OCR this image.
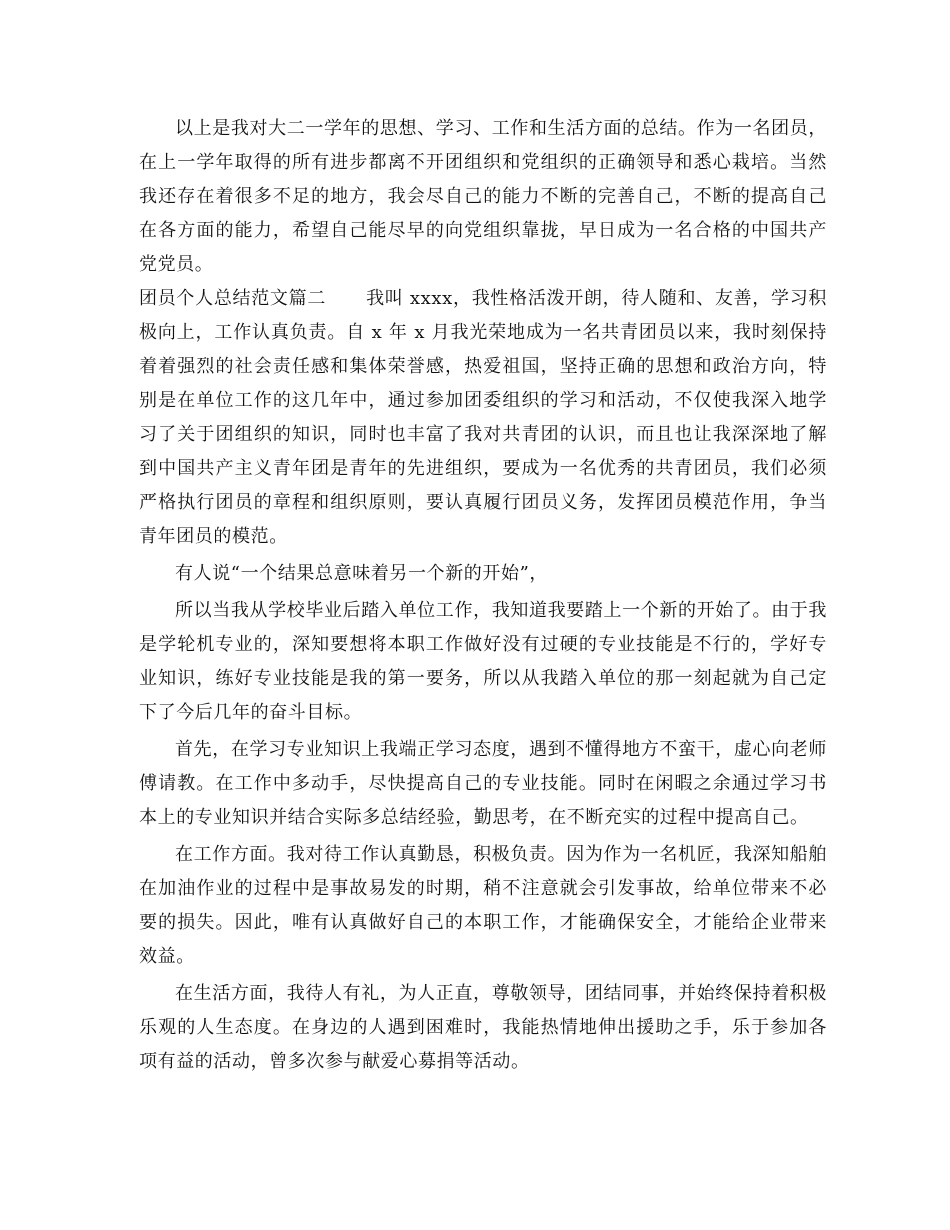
以上是我对大二一学年的思想、学习、工作和生活方面的总结。作为一名团员，在上一学年取得的所有进步都离不开团组织和党组织的正确领导和悉心栽培。当然我还存在着很多不足的地方，我会尽自己的能力不断的完善自己，不断的提高自己在各方面的能力，希望自己能尽早的向党组织靠拢，早日成为一名合格的中国共产党党员。

团员个人总结范文篇二 我叫 xxxx，我性格活泼开朗，待人随和、友善，学习积极向上，工作认真负责。自 x 年 x 月我光荣地成为一名共青团员以来，我时刻保持着着强烈的社会责任感和集体荣誉感，热爱祖国，坚持正确的思想和政治方向，特别是在单位工作的这几年中，通过参加团委组织的学习和活动，不仅使我深入地学习了关于团组织的知识，同时也丰富了我对共青团的认识，而且也让我深深地了解到中国共产主义青年团是青年的先进组织，要成为一名优秀的共青团员，我们必须严格执行团员的章程和组织原则，要认真履行团员义务，发挥团员模范作用，争当青年团员的模范。

有人说“一个结果总意味着另一个新的开始”，

所以当我从学校毕业后踏入单位工作，我知道我要踏上一个新的开始了。由于我是学轮机专业的，深知要想将本职工作做好没有过硬的专业技能是不行的，学好专业知识，练好专业技能是我的第一要务，所以从我踏入单位的那一刻起就为自己定下了今后几年的奋斗目标。

首先，在学习专业知识上我端正学习态度，遇到不懂得地方不蛮干，虚心向老师傅请教。在工作中多动手，尽快提高自己的专业技能。同时在闲暇之余通过学习书本上的专业知识并结合实际多总结经验，勤思考，在不断充实的过程中提高自己。

在工作方面。我对待工作认真勤恳，积极负责。因为作为一名机匠，我深知船舶在加油作业的过程中是事故易发的时期，稍不注意就会引发事故，给单位带来不必要的损失。因此，唯有认真做好自己的本职工作，才能确保安全，才能给企业带来效益。

在生活方面，我待人有礼，为人正直，尊敬领导，团结同事，并始终保持着积极乐观的人生态度。在身边的人遇到困难时，我能热情地伸出援助之手，乐于参加各项有益的活动，曾多次参与献爱心募捐等活动。
